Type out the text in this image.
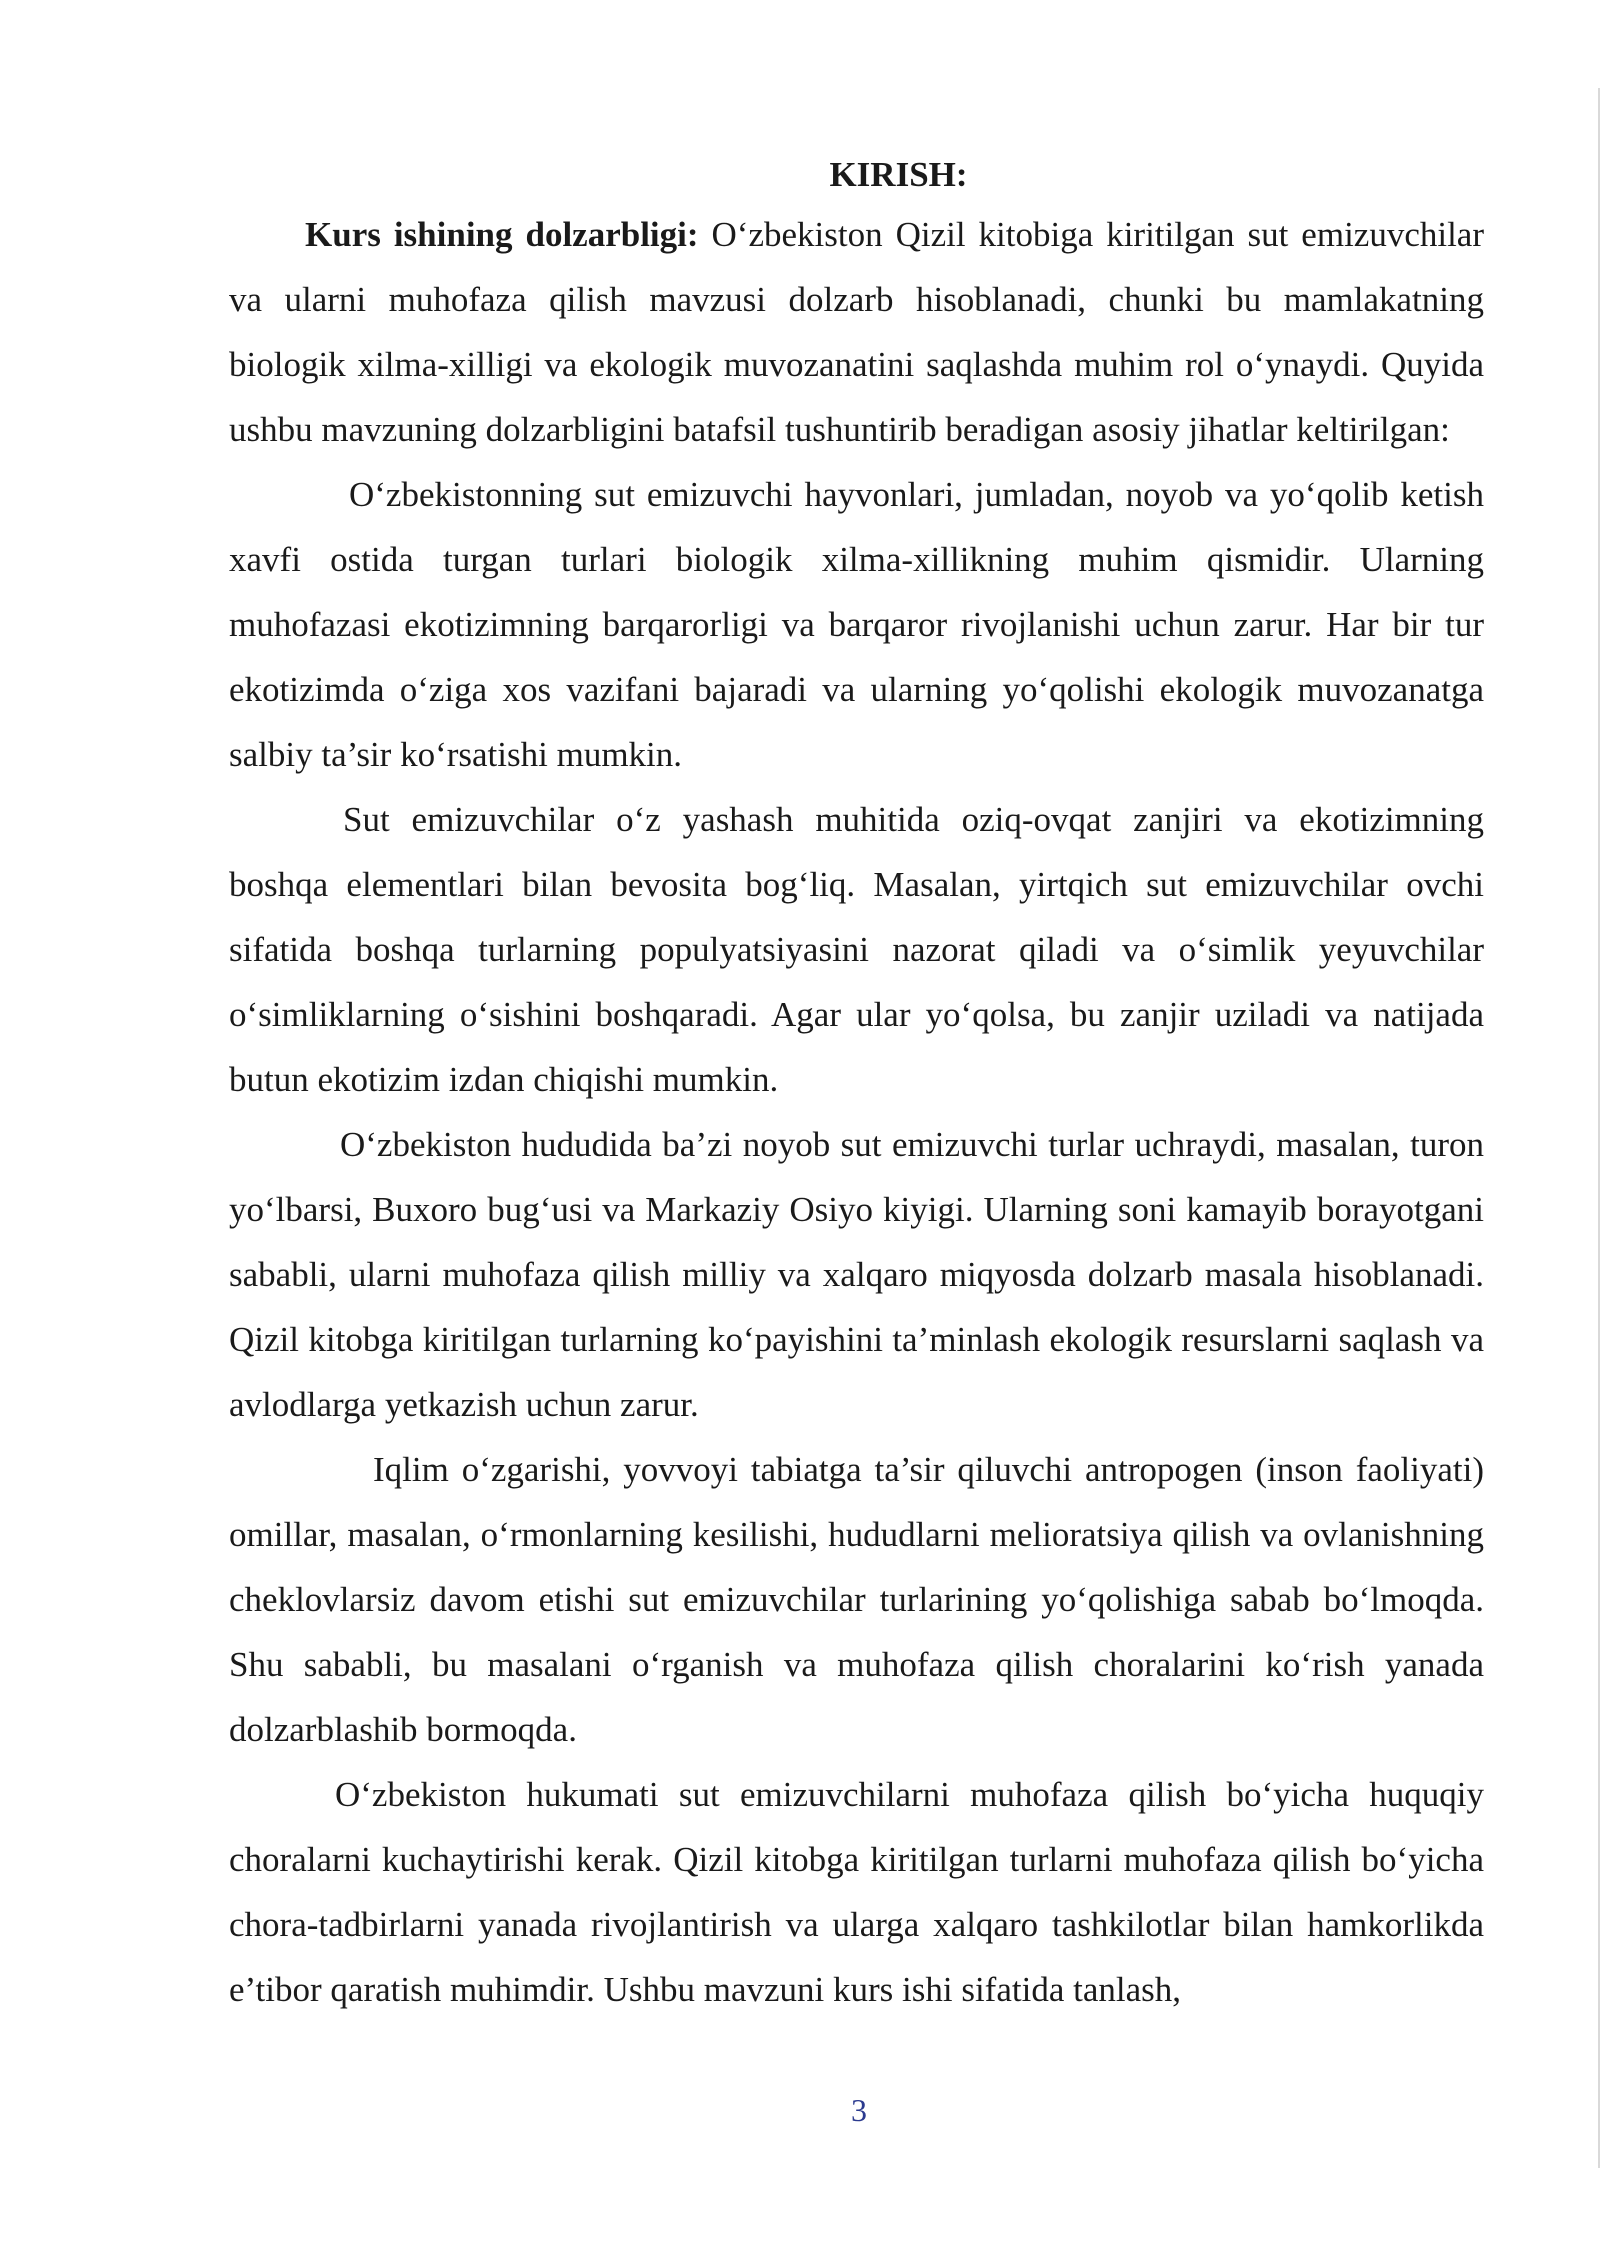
KIRISH:

Kurs ishining dolzarbligi: O‘zbekiston Qizil kitobiga kiritilgan sut emizuvchilar va ularni muhofaza qilish mavzusi dolzarb hisoblanadi, chunki bu mamlakatning biologik xilma-xilligi va ekologik muvozanatini saqlashda muhim rol o‘ynaydi. Quyida ushbu mavzuning dolzarbligini batafsil tushuntirib beradigan asosiy jihatlar keltirilgan:

O‘zbekistonning sut emizuvchi hayvonlari, jumladan, noyob va yo‘qolib ketish xavfi ostida turgan turlari biologik xilma-xillikning muhim qismidir. Ularning muhofazasi ekotizimning barqarorligi va barqaror rivojlanishi uchun zarur. Har bir tur ekotizimda o‘ziga xos vazifani bajaradi va ularning yo‘qolishi ekologik muvozanatga salbiy ta’sir ko‘rsatishi mumkin.

Sut emizuvchilar o‘z yashash muhitida oziq-ovqat zanjiri va ekotizimning boshqa elementlari bilan bevosita bog‘liq. Masalan, yirtqich sut emizuvchilar ovchi sifatida boshqa turlarning populyatsiyasini nazorat qiladi va o‘simlik yeyuvchilar o‘simliklarning o‘sishini boshqaradi. Agar ular yo‘qolsa, bu zanjir uziladi va natijada butun ekotizim izdan chiqishi mumkin.

O‘zbekiston hududida ba’zi noyob sut emizuvchi turlar uchraydi, masalan, turon yo‘lbarsi, Buxoro bug‘usi va Markaziy Osiyo kiyigi. Ularning soni kamayib borayotgani sababli, ularni muhofaza qilish milliy va xalqaro miqyosda dolzarb masala hisoblanadi. Qizil kitobga kiritilgan turlarning ko‘payishini ta’minlash ekologik resurslarni saqlash va avlodlarga yetkazish uchun zarur.

Iqlim o‘zgarishi, yovvoyi tabiatga ta’sir qiluvchi antropogen (inson faoliyati) omillar, masalan, o‘rmonlarning kesilishi, hududlarni melioratsiya qilish va ovlanishning cheklovlarsiz davom etishi sut emizuvchilar turlarining yo‘qolishiga sabab bo‘lmoqda. Shu sababli, bu masalani o‘rganish va muhofaza qilish choralarini ko‘rish yanada dolzarblashib bormoqda.

O‘zbekiston hukumati sut emizuvchilarni muhofaza qilish bo‘yicha huquqiy choralarni kuchaytirishi kerak. Qizil kitobga kiritilgan turlarni muhofaza qilish bo‘yicha chora-tadbirlarni yanada rivojlantirish va ularga xalqaro tashkilotlar bilan hamkorlikda e’tibor qaratish muhimdir. Ushbu mavzuni kurs ishi sifatida tanlash,

3
